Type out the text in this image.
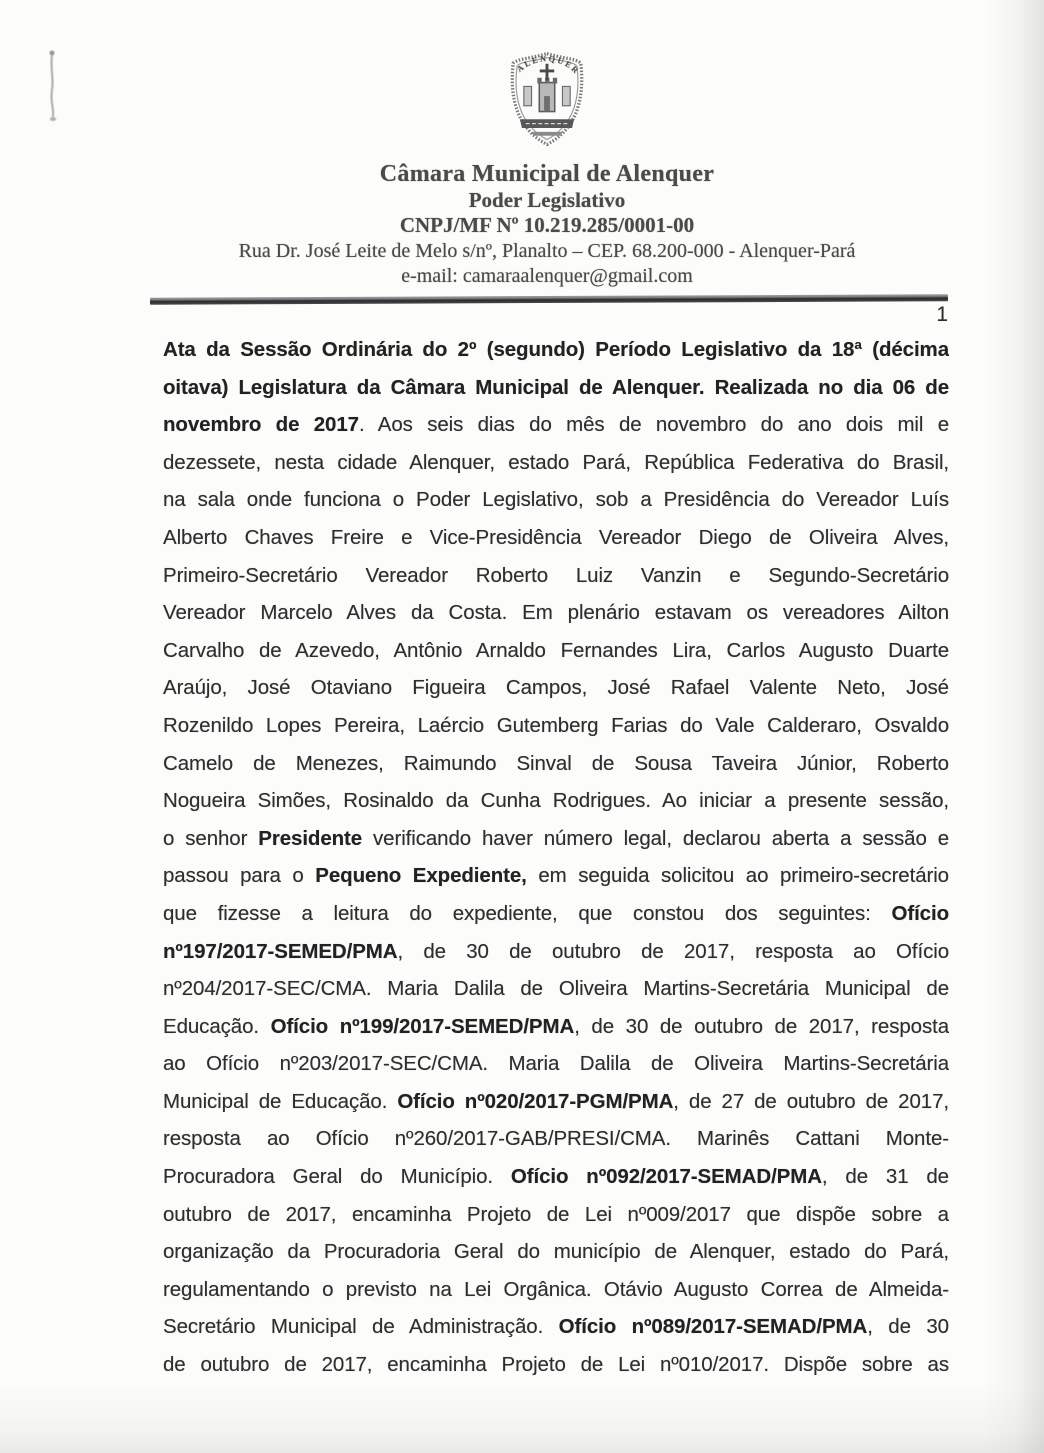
ALENQUER
Câmara Municipal de Alenquer
Poder Legislativo
CNPJ/MF Nº 10.219.285/0001-00
Rua Dr. José Leite de Melo s/nº, Planalto – CEP. 68.200-000 - Alenquer-Pará
e-mail: camaraalenquer@gmail.com
1
Ata da Sessão Ordinária do 2º (segundo) Período Legislativo da 18ª (décima
oitava) Legislatura da Câmara Municipal de Alenquer. Realizada no dia 06 de
novembro de 2017. Aos seis dias do mês de novembro do ano dois mil e
dezessete, nesta cidade Alenquer, estado Pará, República Federativa do Brasil,
na sala onde funciona o Poder Legislativo, sob a Presidência do Vereador Luís
Alberto Chaves Freire e Vice-Presidência Vereador Diego de Oliveira Alves,
Primeiro-Secretário Vereador Roberto Luiz Vanzin e Segundo-Secretário
Vereador Marcelo Alves da Costa. Em plenário estavam os vereadores Ailton
Carvalho de Azevedo, Antônio Arnaldo Fernandes Lira, Carlos Augusto Duarte
Araújo, José Otaviano Figueira Campos, José Rafael Valente Neto, José
Rozenildo Lopes Pereira, Laércio Gutemberg Farias do Vale Calderaro, Osvaldo
Camelo de Menezes, Raimundo Sinval de Sousa Taveira Júnior, Roberto
Nogueira Simões, Rosinaldo da Cunha Rodrigues. Ao iniciar a presente sessão,
o senhor Presidente verificando haver número legal, declarou aberta a sessão e
passou para o Pequeno Expediente, em seguida solicitou ao primeiro-secretário
que fizesse a leitura do expediente, que constou dos seguintes: Ofício
nº197/2017-SEMED/PMA, de 30 de outubro de 2017, resposta ao Ofício
nº204/2017-SEC/CMA. Maria Dalila de Oliveira Martins-Secretária Municipal de
Educação. Ofício nº199/2017-SEMED/PMA, de 30 de outubro de 2017, resposta
ao Ofício nº203/2017-SEC/CMA. Maria Dalila de Oliveira Martins-Secretária
Municipal de Educação. Ofício nº020/2017-PGM/PMA, de 27 de outubro de 2017,
resposta ao Ofício nº260/2017-GAB/PRESI/CMA. Marinês Cattani Monte-
Procuradora Geral do Município. Ofício nº092/2017-SEMAD/PMA, de 31 de
outubro de 2017, encaminha Projeto de Lei nº009/2017 que dispõe sobre a
organização da Procuradoria Geral do município de Alenquer, estado do Pará,
regulamentando o previsto na Lei Orgânica. Otávio Augusto Correa de Almeida-
Secretário Municipal de Administração. Ofício nº089/2017-SEMAD/PMA, de 30
de outubro de 2017, encaminha Projeto de Lei nº010/2017. Dispõe sobre as
